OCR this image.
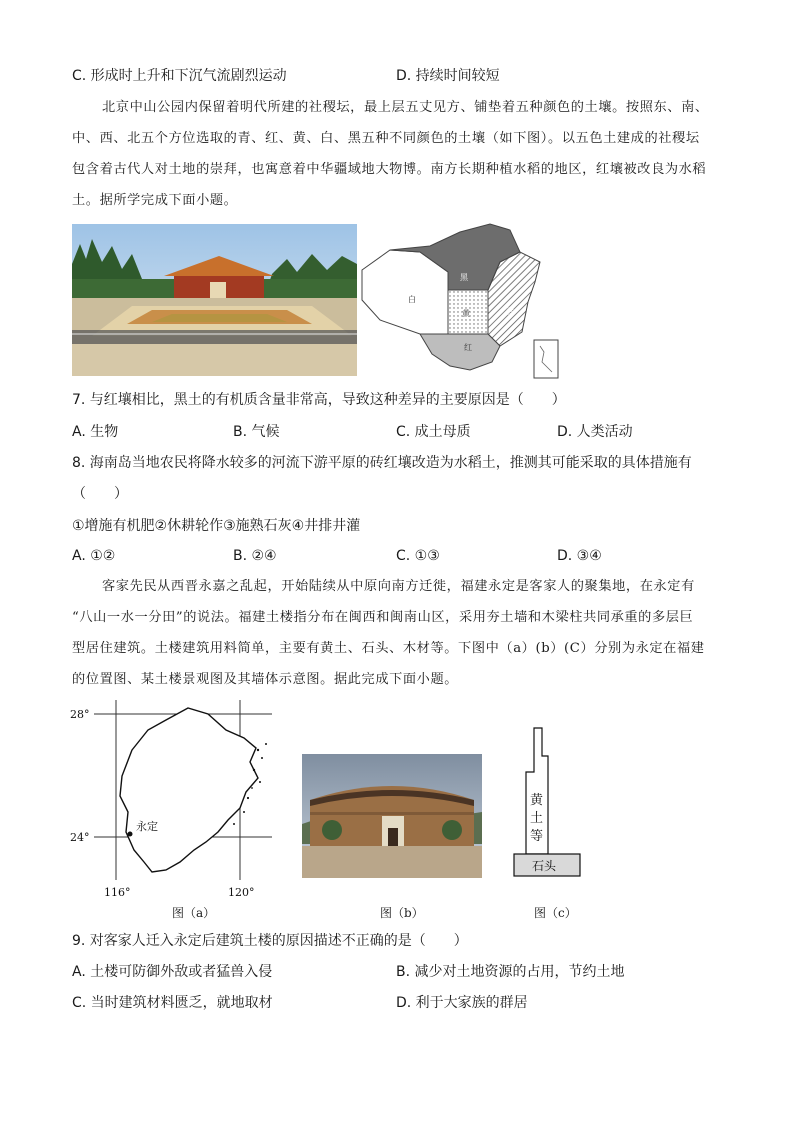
C. 形成时上升和下沉气流剧烈运动	D. 持续时间较短
北京中山公园内保留着明代所建的社稷坛，最上层五丈见方、铺垫着五种颜色的土壤。按照东、南、
中、西、北五个方位选取的青、红、黄、白、黑五种不同颜色的土壤（如下图）。以五色土建成的社稷坛
包含着古代人对土地的崇拜，也寓意着中华疆域地大物博。南方长期种植水稻的地区，红壤被改良为水稻
土。据所学完成下面小题。
黑
白
黄	青
红
7. 与红壤相比，黑土的有机质含量非常高，导致这种差异的主要原因是（　　）
A. 生物	B. 气候	C. 成土母质	D. 人类活动
8. 海南岛当地农民将降水较多的河流下游平原的砖红壤改造为水稻土，推测其可能采取的具体措施有
（　　）
①增施有机肥②休耕轮作③施熟石灰④井排井灌
A. ①②	B. ②④	C. ①③	D. ③④
客家先民从西晋永嘉之乱起，开始陆续从中原向南方迁徙，福建永定是客家人的聚集地，在永定有
“八山一水一分田”的说法。福建土楼指分布在闽西和闽南山区，采用夯土墙和木梁柱共同承重的多层巨
型居住建筑。土楼建筑用料简单，主要有黄土、石头、木材等。下图中（a）(b）(C）分别为永定在福建
的位置图、某土楼景观图及其墙体示意图。据此完成下面小题。
28°
24°
116°	120°
永定
图（a）	图（b）
黄
土
等
石头
图（c）
9. 对客家人迁入永定后建筑土楼的原因描述不正确的是（　　）
A. 土楼可防御外敌或者猛兽入侵	B. 减少对土地资源的占用，节约土地
C. 当时建筑材料匮乏，就地取材	D. 利于大家族的群居
